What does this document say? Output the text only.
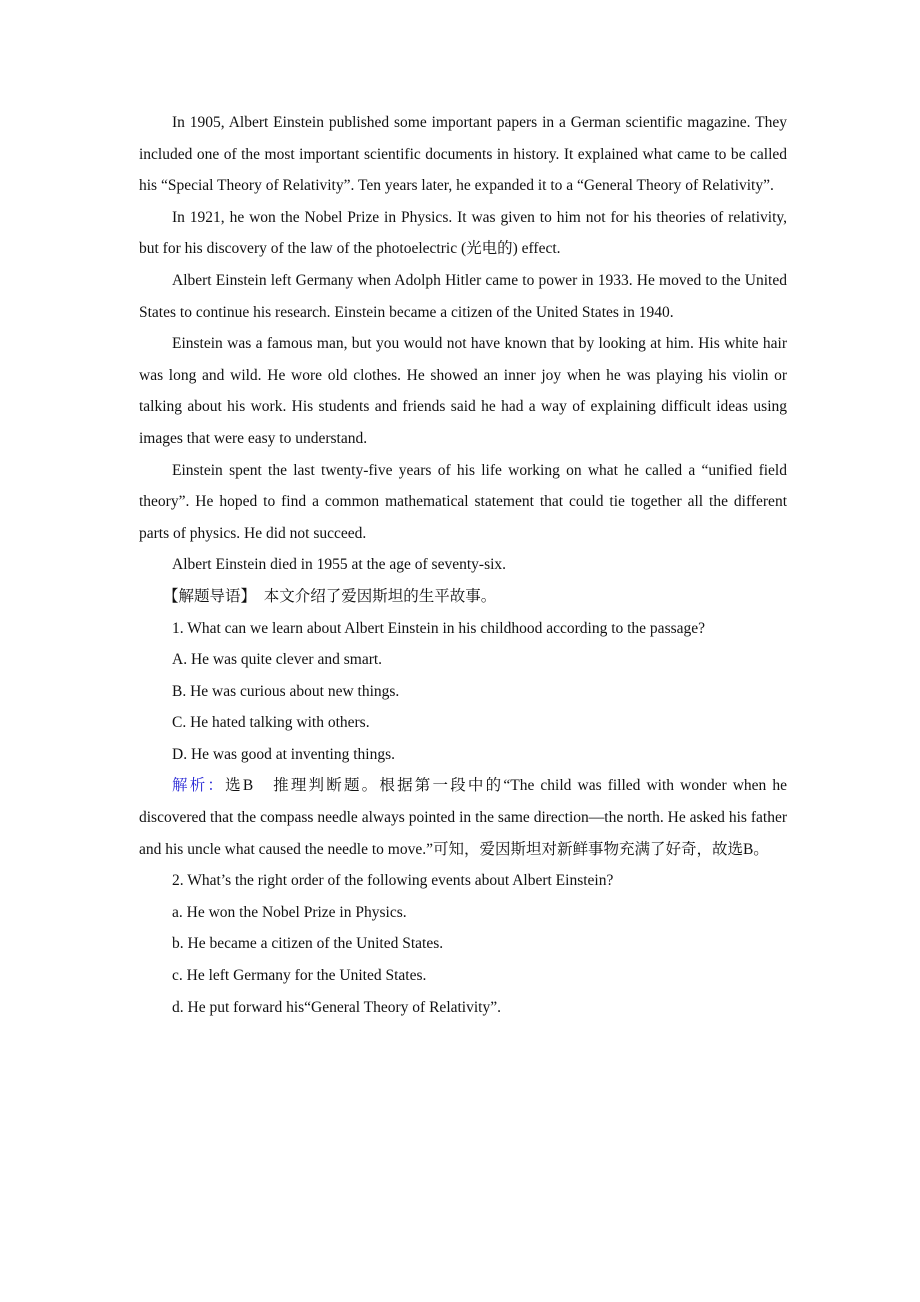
In 1905, Albert Einstein published some important papers in a German scientific magazine. They included one of the most important scientific documents in history. It explained what came to be called his “Special Theory of Relativity”. Ten years later, he expanded it to a “General Theory of Relativity”.

In 1921, he won the Nobel Prize in Physics. It was given to him not for his theories of relativity, but for his discovery of the law of the photoelectric (光电的) effect.

Albert Einstein left Germany when Adolph Hitler came to power in 1933. He moved to the United States to continue his research. Einstein became a citizen of the United States in 1940.

Einstein was a famous man, but you would not have known that by looking at him. His white hair was long and wild. He wore old clothes. He showed an inner joy when he was playing his violin or talking about his work. His students and friends said he had a way of explaining difficult ideas using images that were easy to understand.

Einstein spent the last twenty-five years of his life working on what he called a “unified field theory”. He hoped to find a common mathematical statement that could tie together all the different parts of physics. He did not succeed.

Albert Einstein died in 1955 at the age of seventy-six.

【解题导语】 本文介绍了爱因斯坦的生平故事。

1. What can we learn about Albert Einstein in his childhood according to the passage?

A. He was quite clever and smart.

B. He was curious about new things.

C. He hated talking with others.

D. He was good at inventing things.

解析：选B　推理判断题。根据第一段中的“The child was filled with wonder when he discovered that the compass needle always pointed in the same direction—the north. He asked his father and his uncle what caused the needle to move.”可知，爱因斯坦对新鲜事物充满了好奇，故选B。

2. What’s the right order of the following events about Albert Einstein?

a. He won the Nobel Prize in Physics.

b. He became a citizen of the United States.

c. He left Germany for the United States.

d. He put forward his“General Theory of Relativity”.
